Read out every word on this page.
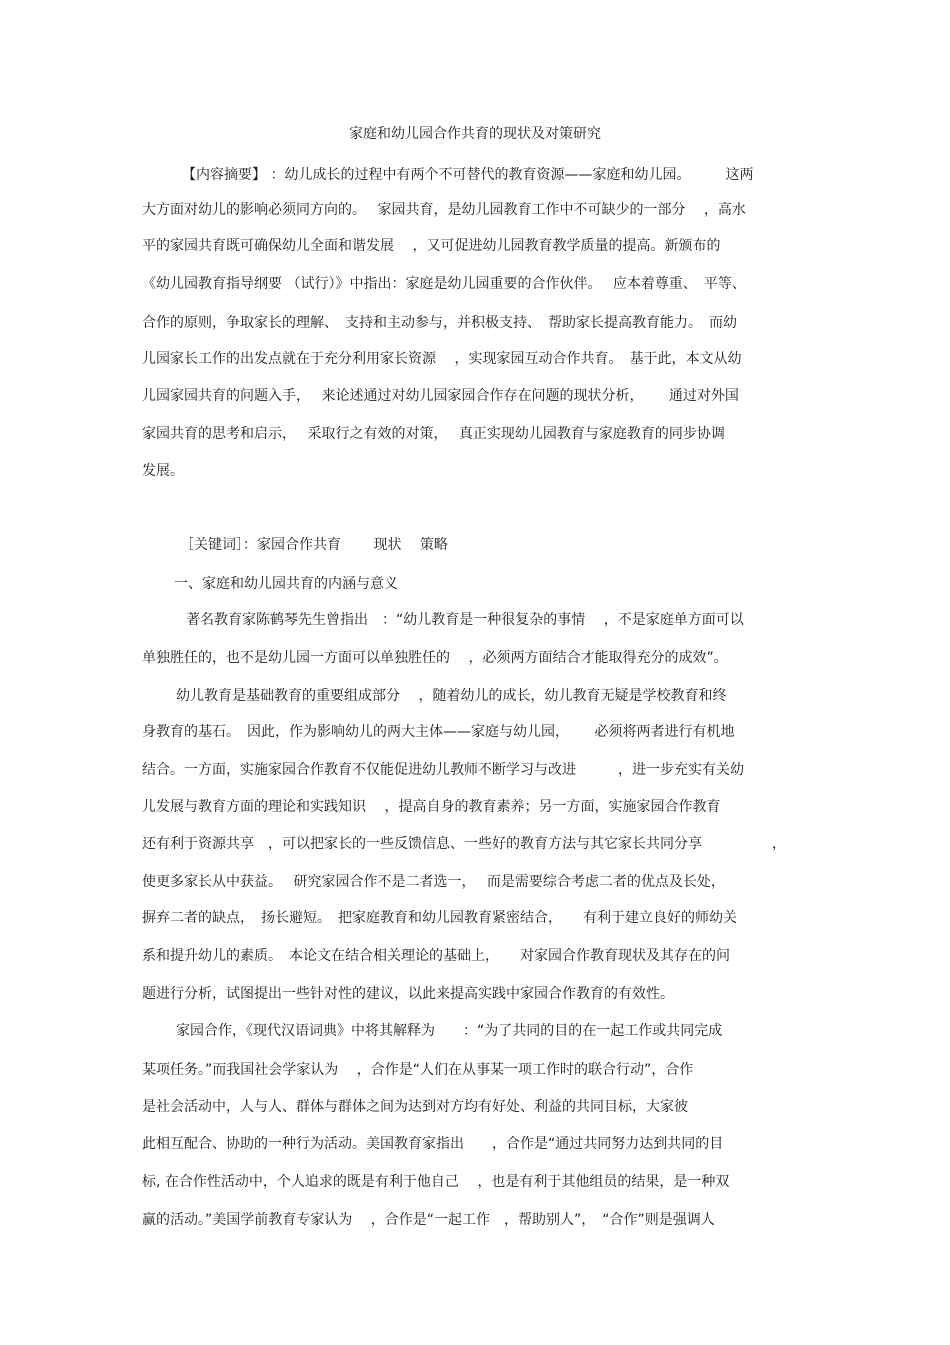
家庭和幼儿园合作共育的现状及对策研究
【内容摘要】 ：幼儿成长的过程中有两个不可替代的教育资源——家庭和幼儿园。　　　这两
大方面对幼儿的影响必须同方向的。　 家园共育，是幼儿园教育工作中不可缺少的一部分　 ，高水
平的家园共育既可确保幼儿全面和谐发展　 ，又可促进幼儿园教育教学质量的提高。新颁布的
《幼儿园教育指导纲要 （试行）》中指出：家庭是幼儿园重要的合作伙伴。　 应本着尊重、　平等、
合作的原则，争取家长的理解、　支持和主动参与，并积极支持、　帮助家长提高教育能力。　而幼
儿园家长工作的出发点就在于充分利用家长资源　 ，实现家园互动合作共育。　基于此，本文从幼
儿园家园共育的问题入手，　 来论述通过对幼儿园家园合作存在问题的现状分析，　　 通过对外国
家园共育的思考和启示，　 采取行之有效的对策，　 真正实现幼儿园教育与家庭教育的同步协调
发展。
［关键词］：家园合作共育　　 现状　 策略
一、家庭和幼儿园共育的内涵与意义
著名教育家陈鹤琴先生曾指出　：“幼儿教育是一种很复杂的事情　 ，不是家庭单方面可以
单独胜任的，也不是幼儿园一方面可以单独胜任的　 ，必须两方面结合才能取得充分的成效”。
幼儿教育是基础教育的重要组成部分　 ，随着幼儿的成长，幼儿教育无疑是学校教育和终
身教育的基石。　因此，作为影响幼儿的两大主体——家庭与幼儿园，　　 必须将两者进行有机地
结合。一方面，实施家园合作教育不仅能促进幼儿教师不断学习与改进　　　，进一步充实有关幼
儿发展与教育方面的理论和实践知识　 ，提高自身的教育素养；另一方面，实施家园合作教育
还有利于资源共享　，可以把家长的一些反馈信息、一些好的教育方法与其它家长共同分享　　　　　，
使更多家长从中获益。　 研究家园合作不是二者选一，　 而是需要综合考虑二者的优点及长处，
摒弃二者的缺点，　扬长避短。　把家庭教育和幼儿园教育紧密结合，　　有利于建立良好的师幼关
系和提升幼儿的素质。　本论文在结合相关理论的基础上，　　对家园合作教育现状及其存在的问
题进行分析，试图提出一些针对性的建议，以此来提高实践中家园合作教育的有效性。
家园合作，《现代汉语词典》中将其解释为　　：“为了共同的目的在一起工作或共同完成
某项任务。”而我国社会学家认为　 ，合作是“人们在从事某一项工作时的联合行动”，合作
是社会活动中，人与人、群体与群体之间为达到对方均有好处、利益的共同目标，大家彼
此相互配合、协助的一种行为活动。美国教育家指出　　，合作是“通过共同努力达到共同的目
标, 在合作性活动中，个人追求的既是有利于他自己　 ，也是有利于其他组员的结果，是一种双
赢的活动。”美国学前教育专家认为　 ，合作是“一起工作　，帮助别人”，　“合作”则是强调人
